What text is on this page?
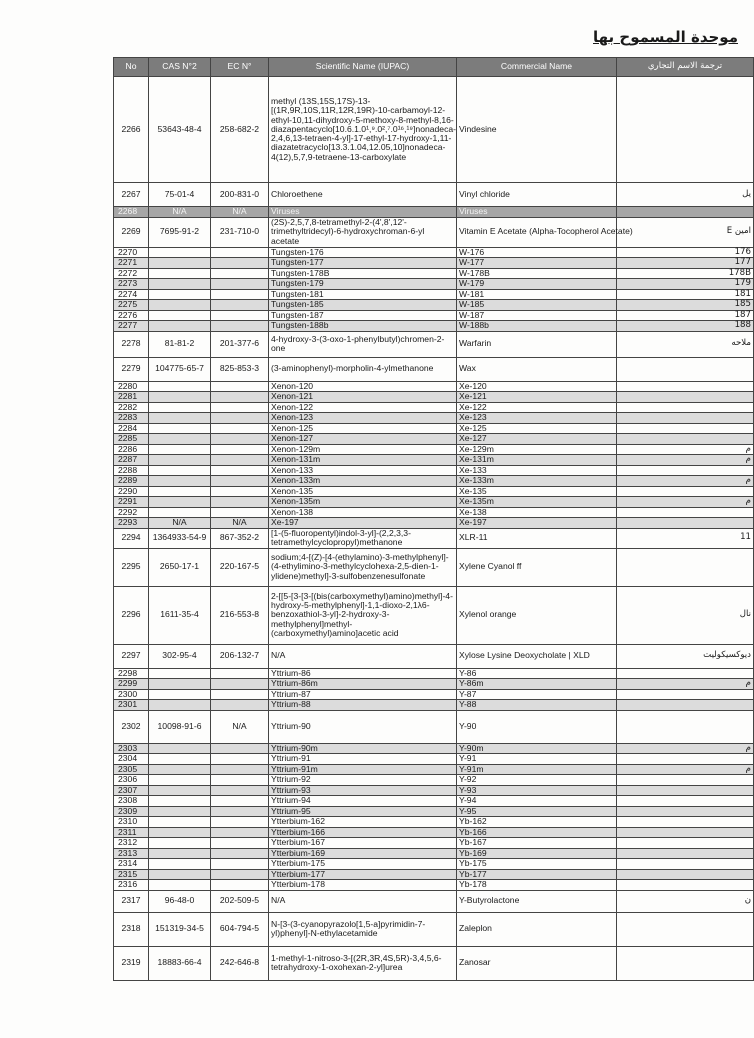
موحدة المسموح بها
No	CAS N°2	EC N°	Scientific Name (IUPAC)	Commercial Name	ترجمة الاسم التجاري
2266	53643-48-4	258-682-2	methyl (13S,15S,17S)-13-[(1R,9R,10S,11R,12R,19R)-10-carbamoyl-12-ethyl-10,11-dihydroxy-5-methoxy-8-methyl-8,16-diazapentacyclo[10.6.1.0¹,⁹.0²,⁷.0¹⁶,¹⁹]nonadeca-2,4,6,13-tetraen-4-yl]-17-ethyl-17-hydroxy-1,11-diazatetracyclo[13.3.1.04,12.05,10]nonadeca-4(12),5,7,9-tetraene-13-carboxylate	Vindesine	
2267	75-01-4	200-831-0	Chloroethene	Vinyl chloride	يل
2268	N/A	N/A	Viruses	Viruses	
2269	7695-91-2	231-710-0	(2S)-2,5,7,8-tetramethyl-2-(4',8',12'-trimethyltridecyl)-6-hydroxychroman-6-yl acetate	Vitamin E Acetate (Alpha-Tocopherol Acetate)	امين E
2270			Tungsten-176	W-176	176
2271			Tungsten-177	W-177	177
2272			Tungsten-178B	W-178B	178B
2273			Tungsten-179	W-179	179
2274			Tungsten-181	W-181	181
2275			Tungsten-185	W-185	185
2276			Tungsten-187	W-187	187
2277			Tungsten-188b	W-188b	188
2278	81-81-2	201-377-6	4-hydroxy-3-(3-oxo-1-phenylbutyl)chromen-2-one	Warfarin	ملاحه
2279	104775-65-7	825-853-3	(3-aminophenyl)-morpholin-4-ylmethanone	Wax	
2280			Xenon-120	Xe-120	
2281			Xenon-121	Xe-121	
2282			Xenon-122	Xe-122	
2283			Xenon-123	Xe-123	
2284			Xenon-125	Xe-125	
2285			Xenon-127	Xe-127	
2286			Xenon-129m	Xe-129m	م
2287			Xenon-131m	Xe-131m	م
2288			Xenon-133	Xe-133	
2289			Xenon-133m	Xe-133m	م
2290			Xenon-135	Xe-135	
2291			Xenon-135m	Xe-135m	م
2292			Xenon-138	Xe-138	
2293	N/A	N/A	Xe-197	Xe-197	
2294	1364933-54-9	867-352-2	[1-(5-fluoropentyl)indol-3-yl]-(2,2,3,3-tetramethylcyclopropyl)methanone	XLR-11	11
2295	2650-17-1	220-167-5	sodium;4-[(Z)-[4-(ethylamino)-3-methylphenyl]-(4-ethylimino-3-methylcyclohexa-2,5-dien-1-ylidene)methyl]-3-sulfobenzenesulfonate	Xylene Cyanol ff	
2296	1611-35-4	216-553-8	2-[[5-[3-[3-[(bis(carboxymethyl)amino)methyl]-4-hydroxy-5-methylphenyl]-1,1-dioxo-2,1λ6-benzoxathiol-3-yl]-2-hydroxy-3-methylphenyl]methyl-(carboxymethyl)amino]acetic acid	Xylenol orange	نال
2297	302-95-4	206-132-7	N/A	Xylose Lysine Deoxycholate | XLD	ديوكسيكوليت
2298			Yttrium-86	Y-86	
2299			Yttrium-86m	Y-86m	م
2300			Yttrium-87	Y-87	
2301			Yttrium-88	Y-88	
2302	10098-91-6	N/A	Yttrium-90	Y-90	
2303			Yttrium-90m	Y-90m	م
2304			Yttrium-91	Y-91	
2305			Yttrium-91m	Y-91m	م
2306			Yttrium-92	Y-92	
2307			Yttrium-93	Y-93	
2308			Yttrium-94	Y-94	
2309			Yttrium-95	Y-95	
2310			Ytterbium-162	Yb-162	
2311			Ytterbium-166	Yb-166	
2312			Ytterbium-167	Yb-167	
2313			Ytterbium-169	Yb-169	
2314			Ytterbium-175	Yb-175	
2315			Ytterbium-177	Yb-177	
2316			Ytterbium-178	Yb-178	
2317	96-48-0	202-509-5	N/A	Y-Butyrolactone	ن
2318	151319-34-5	604-794-5	N-[3-(3-cyanopyrazolo[1,5-a]pyrimidin-7-yl)phenyl]-N-ethylacetamide	Zaleplon	
2319	18883-66-4	242-646-8	1-methyl-1-nitroso-3-[(2R,3R,4S,5R)-3,4,5,6-tetrahydroxy-1-oxohexan-2-yl]urea	Zanosar	
